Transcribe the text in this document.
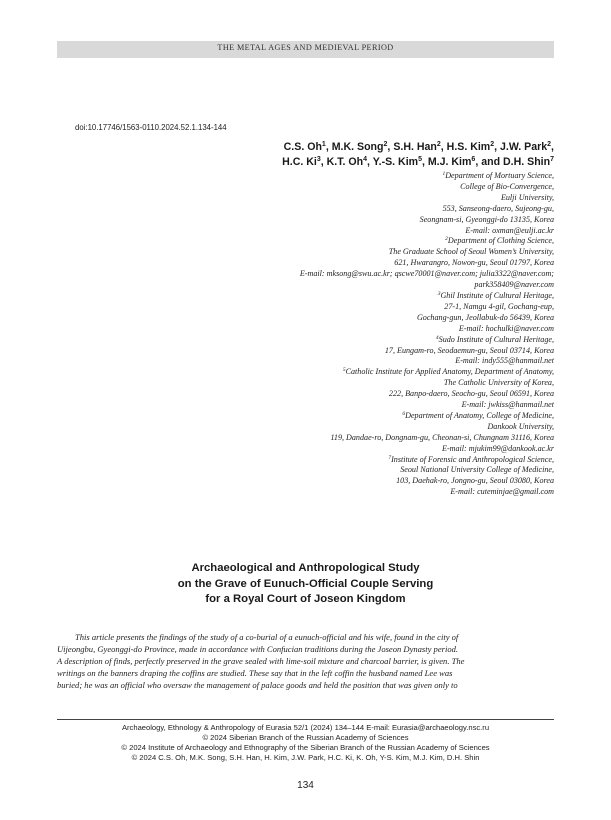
THE METAL AGES AND MEDIEVAL PERIOD
doi:10.17746/1563-0110.2024.52.1.134-144
C.S. Oh$^1$, M.K. Song$^2$, S.H. Han$^2$, H.S. Kim$^2$, J.W. Park$^2$,
H.C. Ki$^3$, K.T. Oh$^4$, Y.-S. Kim$^5$, M.J. Kim$^6$, and D.H. Shin$^7$
$^1$Department of Mortuary Science,
College of Bio-Convergence,
Eulji University,
553, Sanseong-daero, Sujeong-gu,
Seongnam-si, Gyeonggi-do 13135, Korea
E-mail: oxman@eulji.ac.kr
$^2$Department of Clothing Science,
The Graduate School of Seoul Women’s University,
621, Hwarangro, Nowon-gu, Seoul 01797, Korea
E-mail: mksong@swu.ac.kr; qscwe70001@naver.com; julia3322@naver.com;
park358409@naver.com
$^3$Ghil Institute of Cultural Heritage,
27-1, Namgu 4-gil, Gochang-eup,
Gochang-gun, Jeollabuk-do 56439, Korea
E-mail: hochulki@naver.com
$^4$Sudo Institute of Cultural Heritage,
17, Eungam-ro, Seodaemun-gu, Seoul 03714, Korea
E-mail: indy555@hanmail.net
$^5$Catholic Institute for Applied Anatomy, Department of Anatomy,
The Catholic University of Korea,
222, Banpo-daero, Seocho-gu, Seoul 06591, Korea
E-mail: jwkiss@hanmail.net
$^6$Department of Anatomy, College of Medicine,
Dankook University,
119, Dandae-ro, Dongnam-gu, Cheonan-si, Chungnam 31116, Korea
E-mail: mjukim99@dankook.ac.kr
$^7$Institute of Forensic and Anthropological Science,
Seoul National University College of Medicine,
103, Daehak-ro, Jongno-gu, Seoul 03080, Korea
E-mail: cuteminjae@gmail.com
Archaeological and Anthropological Study
on the Grave of Eunuch-Official Couple Serving
for a Royal Court of Joseon Kingdom
This article presents the findings of the study of a co-burial of a eunuch-official and his wife, found in the city of
Uijeongbu, Gyeonggi-do Province, made in accordance with Confucian traditions during the Joseon Dynasty period.
A description of finds, perfectly preserved in the grave sealed with lime-soil mixture and charcoal barrier, is given. The
writings on the banners draping the coffins are studied. These say that in the left coffin the husband named Lee was
buried; he was an official who oversaw the management of palace goods and held the position that was given only to
Archaeology, Ethnology & Anthropology of Eurasia 52/1 (2024) 134–144 E-mail: Eurasia@archaeology.nsc.ru
© 2024 Siberian Branch of the Russian Academy of Sciences
© 2024 Institute of Archaeology and Ethnography of the Siberian Branch of the Russian Academy of Sciences
© 2024 C.S. Oh, M.K. Song, S.H. Han, H. Kim, J.W. Park, H.C. Ki, K. Oh, Y-S. Kim, M.J. Kim, D.H. Shin
134
